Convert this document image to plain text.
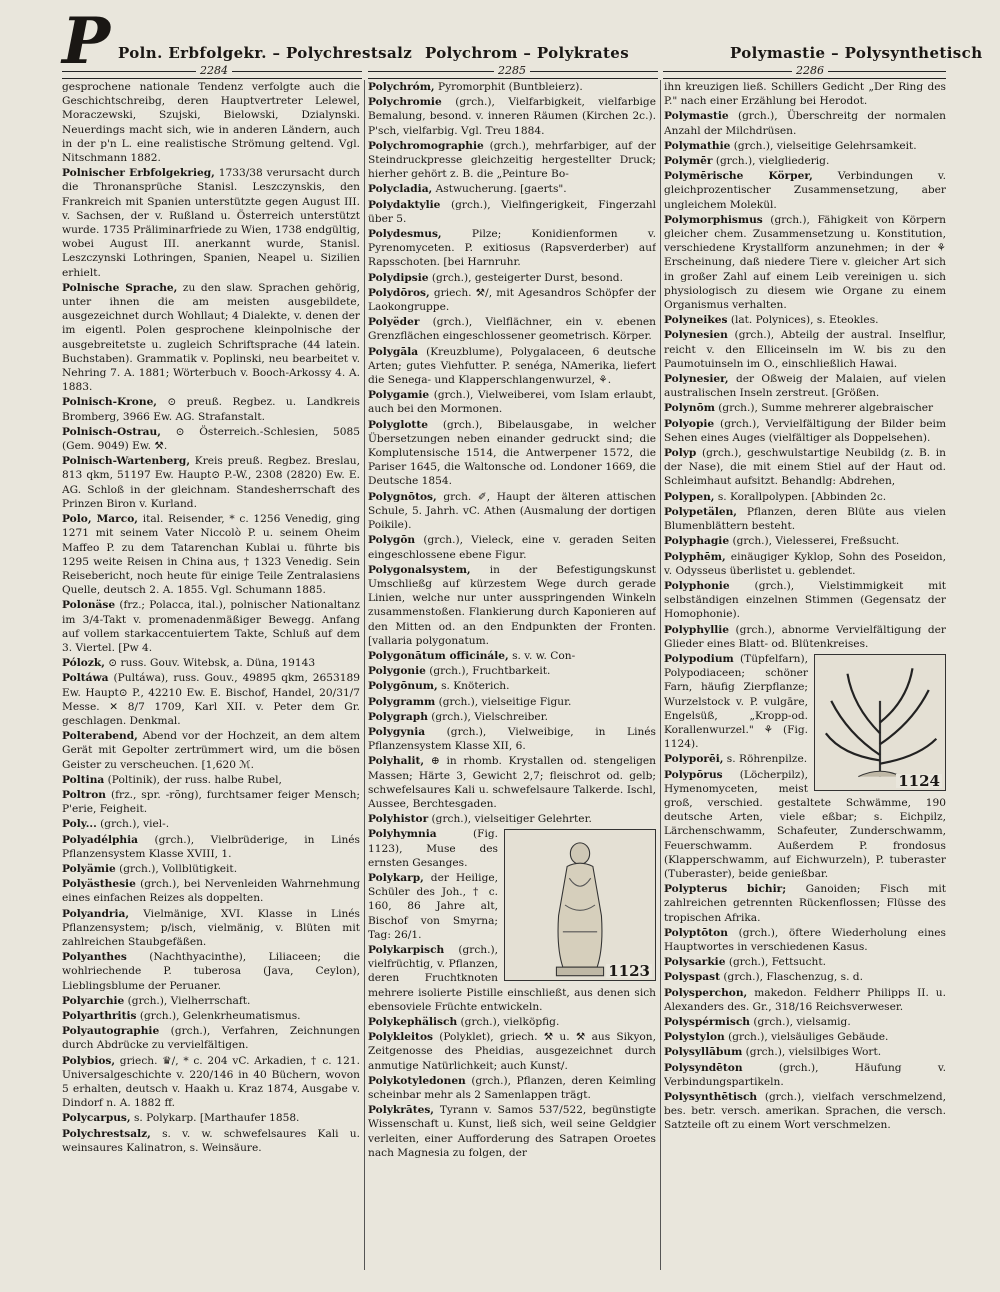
P Poln. Erbfolgekr. – Polychrestsalz Polychrom – Polykrates	Polymastie – Polysynthetisch
2284	2285	2286

gesprochene nationale Tendenz verfolgte auch die Geschichtschreibg, deren Hauptvertreter Lelewel, Moraczewski, Szujski, Bielowski, Dzialynski. Neuerdings macht sich, wie in anderen Ländern, auch in der p'n L. eine realistische Strömung geltend. Vgl. Nitschmann 1882.

Polnischer Erbfolgekrieg, 1733/38 verursacht durch die Thronansprüche Stanisl. Leszczynskis, den Frankreich mit Spanien unterstützte gegen August III. v. Sachsen, der v. Rußland u. Österreich unterstützt wurde. 1735 Präliminarfriede zu Wien, 1738 endgültig, wobei August III. anerkannt wurde, Stanisl. Leszczynski Lothringen, Spanien, Neapel u. Sizilien erhielt.

Polnische Sprache, zu den slaw. Sprachen gehörig, unter ihnen die am meisten ausgebildete, ausgezeichnet durch Wohllaut; 4 Dialekte, v. denen der im eigentl. Polen gesprochene kleinpolnische der ausgebreitetste u. zugleich Schriftsprache (44 latein. Buchstaben). Grammatik v. Poplinski, neu bearbeitet v. Nehring 7. A. 1881; Wörterbuch v. Booch-Arkossy 4. A. 1883.

Polnisch-Krone, ⊙ preuß. Regbez. u. Landkreis Bromberg, 3966 Ew. AG. Strafanstalt.

Polnisch-Ostrau, ⊙ Österreich.-Schlesien, 5085 (Gem. 9049) Ew. ⚒.

Polnisch-Wartenberg, Kreis preuß. Regbez. Breslau, 813 qkm, 51197 Ew. Haupt⊙ P.-W., 2308 (2820) Ew. E. AG. Schloß in der gleichnam. Standesherrschaft des Prinzen Biron v. Kurland.

Polo, Marco, ital. Reisender, * c. 1256 Venedig, ging 1271 mit seinem Vater Niccolò P. u. seinem Oheim Maffeo P. zu dem Tatarenchan Kublai u. führte bis 1295 weite Reisen in China aus, † 1323 Venedig. Sein Reisebericht, noch heute für einige Teile Zentralasiens Quelle, deutsch 2. A. 1855. Vgl. Schumann 1885.

Polonäse (frz.; Polacca, ital.), polnischer Nationaltanz im 3/4-Takt v. promenadenmäßiger Bewegg. Anfang auf vollem starkaccentuiertem Takte, Schluß auf dem 3. Viertel. [Pw 4.

Pólozk, ⊙ russ. Gouv. Witebsk, a. Düna, 19143

Poltáwa (Pultáwa), russ. Gouv., 49895 qkm, 2653189 Ew. Haupt⊙ P., 42210 Ew. E. Bischof, Handel, 20/31/7 Messe. ✕ 8/7 1709, Karl XII. v. Peter dem Gr. geschlagen. Denkmal.

Polterabend, Abend vor der Hochzeit, an dem altem Gerät mit Gepolter zertrümmert wird, um die bösen Geister zu verscheuchen. [1,620 ℳ.

Poltina (Poltinik), der russ. halbe Rubel,

Poltron (frz., spr. -rõng), furchtsamer feiger Mensch; P'erie, Feigheit.

Poly... (grch.), viel-.

Polyadélphia (grch.), Vielbrüderige, in Linés Pflanzensystem Klasse XVIII, 1.

Polyämie (grch.), Vollblütigkeit.

Polyästhesie (grch.), bei Nervenleiden Wahrnehmung eines einfachen Reizes als doppelten.

Polyandria, Vielmänige, XVI. Klasse in Linés Pflanzensystem; p/isch, vielmänig, v. Blüten mit zahlreichen Staubgefäßen.

Polyanthes (Nachthyacinthe), Liliaceen; die wohlriechende P. tuberosa (Java, Ceylon), Lieblingsblume der Peruaner.

Polyarchie (grch.), Vielherrschaft.

Polyarthritis (grch.), Gelenkrheumatismus.

Polyautographie (grch.), Verfahren, Zeichnungen durch Abdrücke zu vervielfältigen.

Polybios, griech. ♛/, * c. 204 vC. Arkadien, † c. 121. Universalgeschichte v. 220/146 in 40 Büchern, wovon 5 erhalten, deutsch v. Haakh u. Kraz 1874, Ausgabe v. Dindorf n. A. 1882 ff.

Polycarpus, s. Polykarp. [Marthaufer 1858.

Polychrestsalz, s. v. w. schwefelsaures Kali u. weinsaures Kalinatron, s. Weinsäure.

Polychróm, Pyromorphit (Buntbleierz).

Polychromie (grch.), Vielfarbigkeit, vielfarbige Bemalung, besond. v. inneren Räumen (Kirchen 2c.). P'sch, vielfarbig. Vgl. Treu 1884.

Polychromographie (grch.), mehrfarbiger, auf der Steindruckpresse gleichzeitig hergestellter Druck; hierher gehört z. B. die „Peinture Bo-

Polycladia, Astwucherung. [gaerts".

Polydaktylie (grch.), Vielfingerigkeit, Fingerzahl über 5.

Polydesmus, Pilze; Konidienformen v. Pyrenomyceten. P. exitiosus (Rapsverderber) auf Rapsschoten. [bei Harnruhr.

Polydipsie (grch.), gesteigerter Durst, besond.

Polydōros, griech. ⚒/, mit Agesandros Schöpfer der Laokongruppe.

Polyëder (grch.), Vielflächner, ein v. ebenen Grenzflächen eingeschlossener geometrisch. Körper.

Polygāla (Kreuzblume), Polygalaceen, 6 deutsche Arten; gutes Viehfutter. P. senéga, NAmerika, liefert die Senega- und Klapperschlangenwurzel, ⚘.

Polygamie (grch.), Vielweiberei, vom Islam erlaubt, auch bei den Mormonen.

Polyglotte (grch.), Bibelausgabe, in welcher Übersetzungen neben einander gedruckt sind; die Komplutensische 1514, die Antwerpener 1572, die Pariser 1645, die Waltonsche od. Londoner 1669, die Deutsche 1854.

Polygnōtos, grch. ✐, Haupt der älteren attischen Schule, 5. Jahrh. vC. Athen (Ausmalung der dortigen Poikile).

Polygōn (grch.), Vieleck, eine v. geraden Seiten eingeschlossene ebene Figur.

Polygonalsystem, in der Befestigungskunst Umschließg auf kürzestem Wege durch gerade Linien, welche nur unter ausspringenden Winkeln zusammenstoßen. Flankierung durch Kaponieren auf den Mitten od. an den Endpunkten der Fronten. [vallaria polygonatum.

Polygonātum officinále, s. v. w. Con-

Polygonie (grch.), Fruchtbarkeit.

Polygōnum, s. Knöterich.

Polygramm (grch.), vielseitige Figur.

Polygraph (grch.), Vielschreiber.

Polygynia (grch.), Vielweibige, in Linés Pflanzensystem Klasse XII, 6.

Polyhalit, ⊕ in rhomb. Krystallen od. stengeligen Massen; Härte 3, Gewicht 2,7; fleischrot od. gelb; schwefelsaures Kali u. schwefelsaure Talkerde. Ischl, Aussee, Berchtesgaden.

Polyhistor (grch.), vielseitiger Gelehrter.

1123

Polyhymnia (Fig. 1123), Muse des ernsten Gesanges.

Polykarp, der Heilige, Schüler des Joh., † c. 160, 86 Jahre alt, Bischof von Smyrna; Tag: 26/1.

Polykarpisch (grch.), vielfrüchtig, v. Pflanzen, deren Fruchtknoten mehrere isolierte Pistille einschließt, aus denen sich ebensoviele Früchte entwickeln.

Polykephälisch (grch.), vielköpfig.

Polykleitos (Polyklet), griech. ⚒ u. ⚒ aus Sikyon, Zeitgenosse des Pheidias, ausgezeichnet durch anmutige Natürlichkeit; auch Kunst/.

Polykotyledonen (grch.), Pflanzen, deren Keimling scheinbar mehr als 2 Samenlappen trägt.

Polykrātes, Tyrann v. Samos 537/522, begünstigte Wissenschaft u. Kunst, ließ sich, weil seine Geldgier verleiten, einer Aufforderung des Satrapen Oroetes nach Magnesia zu folgen, der

ihn kreuzigen ließ. Schillers Gedicht „Der Ring des P." nach einer Erzählung bei Herodot.

Polymastie (grch.), Überschreitg der normalen Anzahl der Milchdrüsen.

Polymathie (grch.), vielseitige Gelehrsamkeit.

Polymēr (grch.), vielgliederig.

Polymērische Körper, Verbindungen v. gleichprozentischer Zusammensetzung, aber ungleichem Molekül.

Polymorphismus (grch.), Fähigkeit von Körpern gleicher chem. Zusammensetzung u. Konstitution, verschiedene Krystallform anzunehmen; in der ⚘ Erscheinung, daß niedere Tiere v. gleicher Art sich in großer Zahl auf einem Leib vereinigen u. sich physiologisch zu diesem wie Organe zu einem Organismus verhalten.

Polyneikes (lat. Polynices), s. Eteokles.

Polynesien (grch.), Abteilg der austral. Inselflur, reicht v. den Elliceinseln im W. bis zu den Paumotuinseln im O., einschließlich Hawai.

Polynesier, der Oßweig der Malaien, auf vielen australischen Inseln zerstreut. [Größen.

Polynōm (grch.), Summe mehrerer algebraischer

Polyopie (grch.), Vervielfältigung der Bilder beim Sehen eines Auges (vielfältiger als Doppelsehen).

Polyp (grch.), geschwulstartige Neubildg (z. B. in der Nase), die mit einem Stiel auf der Haut od. Schleimhaut aufsitzt. Behandlg: Abdrehen,

Polypen, s. Korallpolypen. [Abbinden 2c.

Polypetälen, Pflanzen, deren Blüte aus vielen Blumenblättern besteht.

Polyphagie (grch.), Vielesserei, Freßsucht.

Polyphēm, einäugiger Kyklop, Sohn des Poseidon, v. Odysseus überlistet u. geblendet.

Polyphonie (grch.), Vielstimmigkeit mit selbständigen einzelnen Stimmen (Gegensatz der Homophonie).

Polyphyllie (grch.), abnorme Vervielfältigung der Glieder eines Blatt- od. Blütenkreises.

1124

Polypodium (Tüpfelfarn), Polypodiaceen; schöner Farn, häufig Zierpflanze; Wurzelstock v. P. vulgāre, Engelsüß, „Kropp-od. Korallenwurzel." ⚘ (Fig. 1124).

Polyporēi, s. Röhrenpilze.

Polypōrus (Löcherpilz), Hymenomyceten, meist groß, verschied. gestaltete Schwämme, 190 deutsche Arten, viele eßbar; s. Eichpilz, Lärchenschwamm, Schafeuter, Zunderschwamm, Feuerschwamm. Außerdem P. frondosus (Klapperschwamm, auf Eichwurzeln), P. tuberaster (Tuberaster), beide genießbar.

Polypterus bichir; Ganoiden; Fisch mit zahlreichen getrennten Rückenflossen; Flüsse des tropischen Afrika.

Polyptōton (grch.), öftere Wiederholung eines Hauptwortes in verschiedenen Kasus.

Polysarkie (grch.), Fettsucht.

Polyspast (grch.), Flaschenzug, s. d.

Polysperchon, makedon. Feldherr Philipps II. u. Alexanders des. Gr., 318/16 Reichsverweser.

Polyspérmisch (grch.), vielsamig.

Polystylon (grch.), vielsäuliges Gebäude.

Polysyllābum (grch.), vielsilbiges Wort.

Polysyndēton (grch.), Häufung v. Verbindungspartikeln.

Polysynthētisch (grch.), vielfach verschmelzend, bes. betr. versch. amerikan. Sprachen, die versch. Satzteile oft zu einem Wort verschmelzen.
